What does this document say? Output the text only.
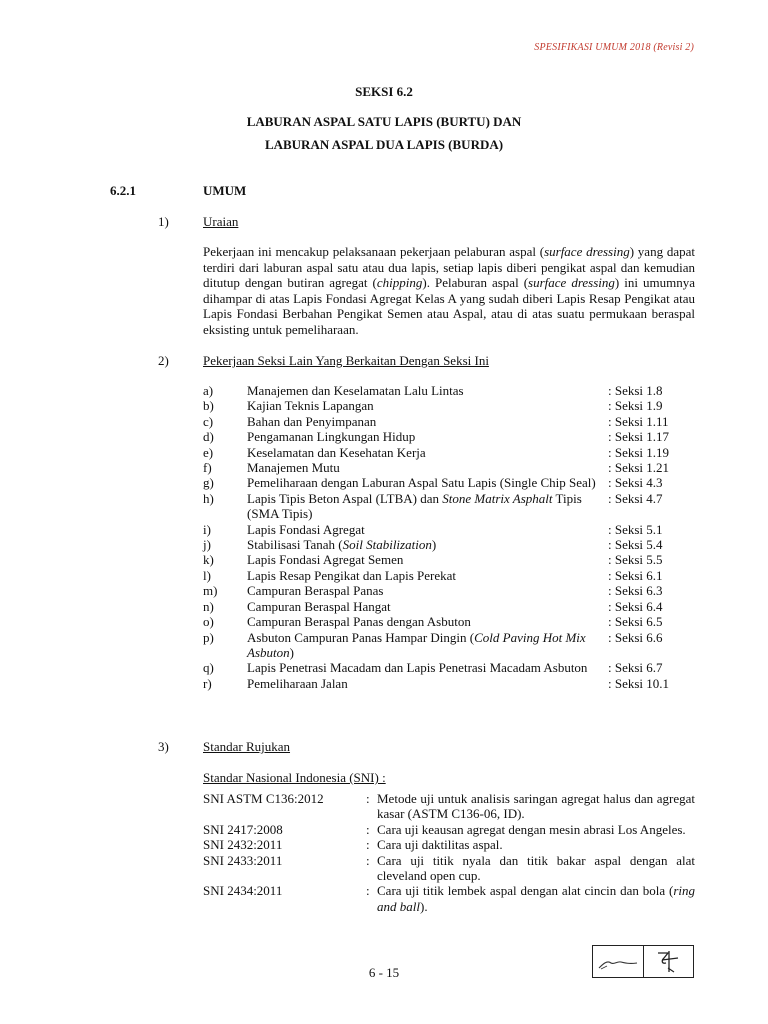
SPESIFIKASI UMUM 2018 (Revisi 2)
SEKSI 6.2
LABURAN ASPAL SATU LAPIS (BURTU) DAN
LABURAN ASPAL DUA LAPIS (BURDA)
6.2.1	UMUM
1)	Uraian
Pekerjaan ini mencakup pelaksanaan pekerjaan pelaburan aspal (surface dressing) yang dapat terdiri dari laburan aspal satu atau dua lapis, setiap lapis diberi pengikat aspal dan kemudian ditutup dengan butiran agregat (chipping). Pelaburan aspal (surface dressing) ini umumnya dihampar di atas Lapis Fondasi Agregat Kelas A yang sudah diberi Lapis Resap Pengikat atau Lapis Fondasi Berbahan Pengikat Semen atau Aspal, atau di atas suatu permukaan beraspal eksisting untuk pemeliharaan.
2)	Pekerjaan Seksi Lain Yang Berkaitan Dengan Seksi Ini
a)	Manajemen dan Keselamatan Lalu Lintas	: Seksi 1.8
b)	Kajian Teknis Lapangan	: Seksi 1.9
c)	Bahan dan Penyimpanan	: Seksi 1.11
d)	Pengamanan Lingkungan Hidup	: Seksi 1.17
e)	Keselamatan dan Kesehatan Kerja	: Seksi 1.19
f)	Manajemen Mutu	: Seksi 1.21
g)	Pemeliharaan dengan Laburan Aspal Satu Lapis (Single Chip Seal) : Seksi 4.3
h)	Lapis Tipis Beton Aspal (LTBA) dan Stone Matrix Asphalt Tipis (SMA Tipis)
: Seksi 4.7
i)	Lapis Fondasi Agregat	: Seksi 5.1
j)	Stabilisasi Tanah (Soil Stabilization)	: Seksi 5.4
k)	Lapis Fondasi Agregat Semen	: Seksi 5.5
l)	Lapis Resap Pengikat dan Lapis Perekat	: Seksi 6.1
m)	Campuran Beraspal Panas	: Seksi 6.3
n)	Campuran Beraspal Hangat	: Seksi 6.4
o)	Campuran Beraspal Panas dengan Asbuton	: Seksi 6.5
p)	Asbuton Campuran Panas Hampar Dingin (Cold Paving Hot Mix Asbuton)
: Seksi 6.6
q)	Lapis Penetrasi Macadam dan Lapis Penetrasi Macadam Asbuton	: Seksi 6.7
r)	Pemeliharaan Jalan	: Seksi 10.1
3)	Standar Rujukan
Standar Nasional Indonesia (SNI) :
SNI ASTM C136:2012	: Metode uji untuk analisis saringan agregat halus dan agregat kasar (ASTM C136-06, ID).
SNI 2417:2008	: Cara uji keausan agregat dengan mesin abrasi Los Angeles.
SNI 2432:2011	: Cara uji daktilitas aspal.
SNI 2433:2011	: Cara uji titik nyala dan titik bakar aspal dengan alat cleveland open cup.
SNI 2434:2011	: Cara uji titik lembek aspal dengan alat cincin dan bola (ring and ball).
6 - 15
